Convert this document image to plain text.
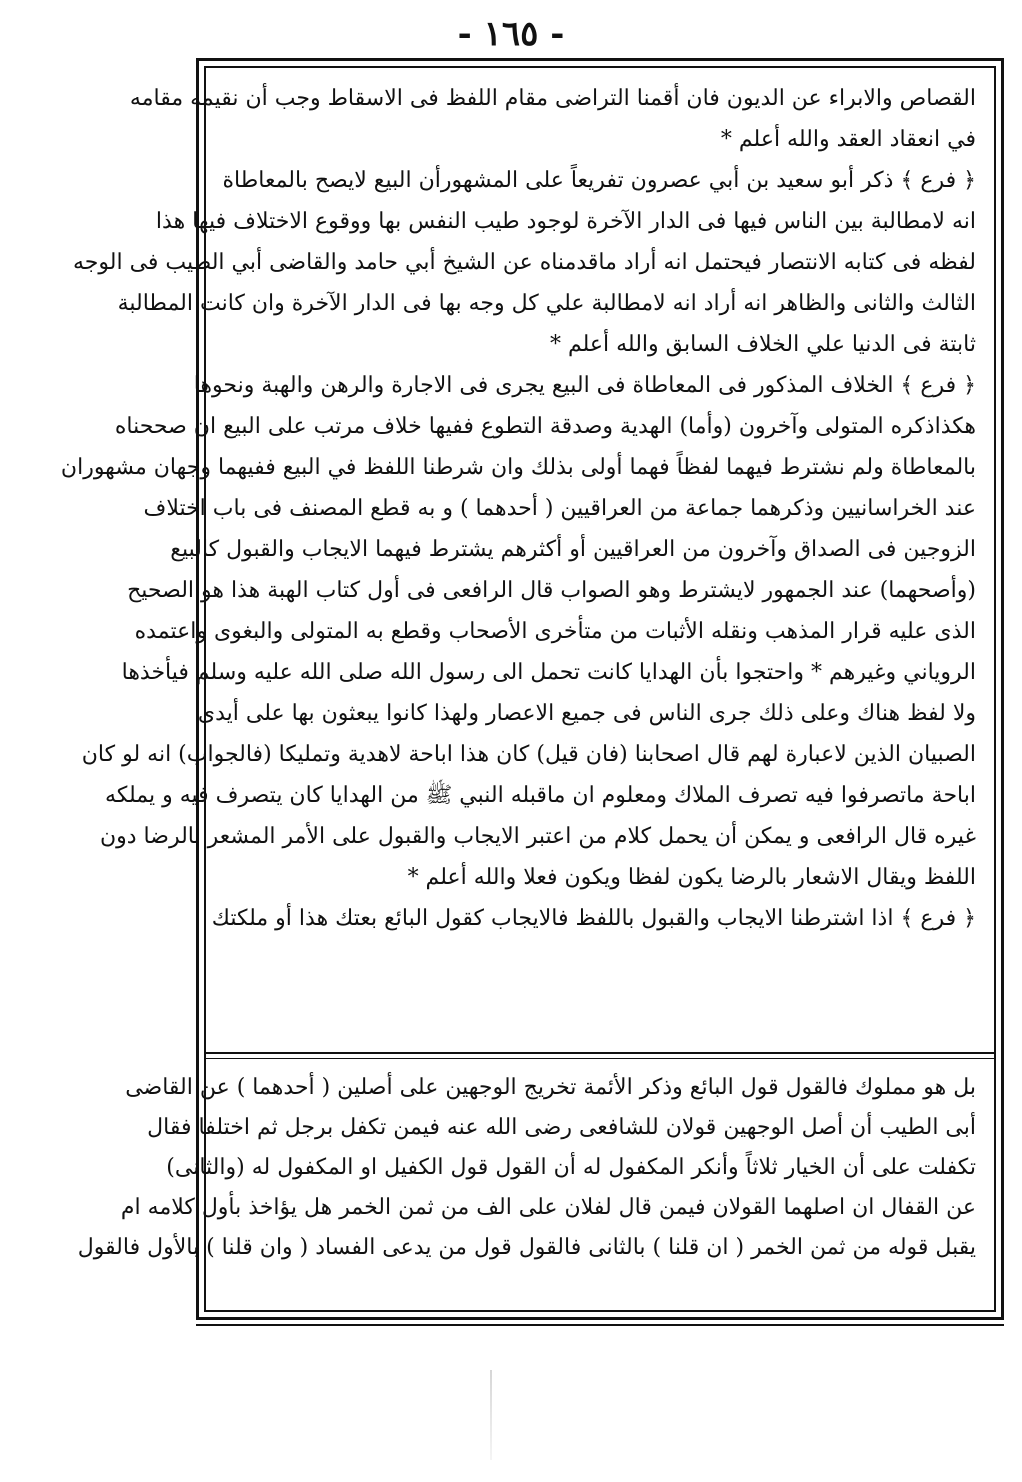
- ١٦٥ -
القصاص والابراء عن الديون فان أقمنا التراضى مقام اللفظ فى الاسقاط وجب أن نقيمه مقامه
في انعقاد العقد والله أعلم *
﴿ فرع ﴾ ذكر أبو سعيد بن أبي عصرون تفريعاً على المشهورأن البيع لايصح بالمعاطاة
انه لامطالبة بين الناس فيها فى الدار الآخرة لوجود طيب النفس بها ووقوع الاختلاف فيها هذا
لفظه فى كتابه الانتصار فيحتمل انه أراد ماقدمناه عن الشيخ أبي حامد والقاضى أبي الطيب فى الوجه
الثالث والثانى والظاهر انه أراد انه لامطالبة علي كل وجه بها فى الدار الآخرة وان كانت المطالبة
ثابتة فى الدنيا علي الخلاف السابق والله أعلم *
﴿ فرع ﴾ الخلاف المذكور فى المعاطاة فى البيع يجرى فى الاجارة والرهن والهبة ونحوها
هكذاذكره المتولى وآخرون (وأما) الهدية وصدقة التطوع ففيها خلاف مرتب على البيع ان صححناه
بالمعاطاة ولم نشترط فيهما لفظاً فهما أولى بذلك وان شرطنا اللفظ في البيع ففيهما وجهان مشهوران
عند الخراسانيين وذكرهما جماعة من العراقيين ( أحدهما ) و به قطع المصنف فى باب اختلاف
الزوجين فى الصداق وآخرون من العراقيين أو أكثرهم يشترط فيهما الايجاب والقبول كالبيع
(وأصحهما) عند الجمهور لايشترط وهو الصواب قال الرافعى فى أول كتاب الهبة هذا هو الصحيح
الذى عليه قرار المذهب ونقله الأثبات من متأخرى الأصحاب وقطع به المتولى والبغوى واعتمده
الروياني وغيرهم * واحتجوا بأن الهدايا كانت تحمل الى رسول الله صلى الله عليه وسلم فيأخذها
ولا لفظ هناك وعلى ذلك جرى الناس فى جميع الاعصار ولهذا كانوا يبعثون بها على أيدى
الصبيان الذين لاعبارة لهم قال اصحابنا (فان قيل) كان هذا اباحة لاهدية وتمليكا (فالجواب) انه لو كان
اباحة ماتصرفوا فيه تصرف الملاك ومعلوم ان ماقبله النبي ﷺ من الهدايا كان يتصرف فيه و يملكه
غيره قال الرافعى و يمكن أن يحمل كلام من اعتبر الايجاب والقبول على الأمر المشعر بالرضا دون
اللفظ ويقال الاشعار بالرضا يكون لفظا ويكون فعلا والله أعلم *
﴿ فرع ﴾ اذا اشترطنا الايجاب والقبول باللفظ فالايجاب كقول البائع بعتك هذا أو ملكتك
بل هو مملوك فالقول قول البائع وذكر الأئمة تخريج الوجهين على أصلين ( أحدهما ) عن القاضى
أبى الطيب أن أصل الوجهين قولان للشافعى رضى الله عنه فيمن تكفل برجل ثم اختلفا فقال
تكفلت على أن الخيار ثلاثاً وأنكر المكفول له أن القول قول الكفيل او المكفول له (والثانى)
عن القفال ان اصلهما القولان فيمن قال لفلان على الف من ثمن الخمر هل يؤاخذ بأول كلامه ام
يقبل قوله من ثمن الخمر ( ان قلنا ) بالثانى فالقول قول من يدعى الفساد ( وان قلنا ) بالأول فالقول
